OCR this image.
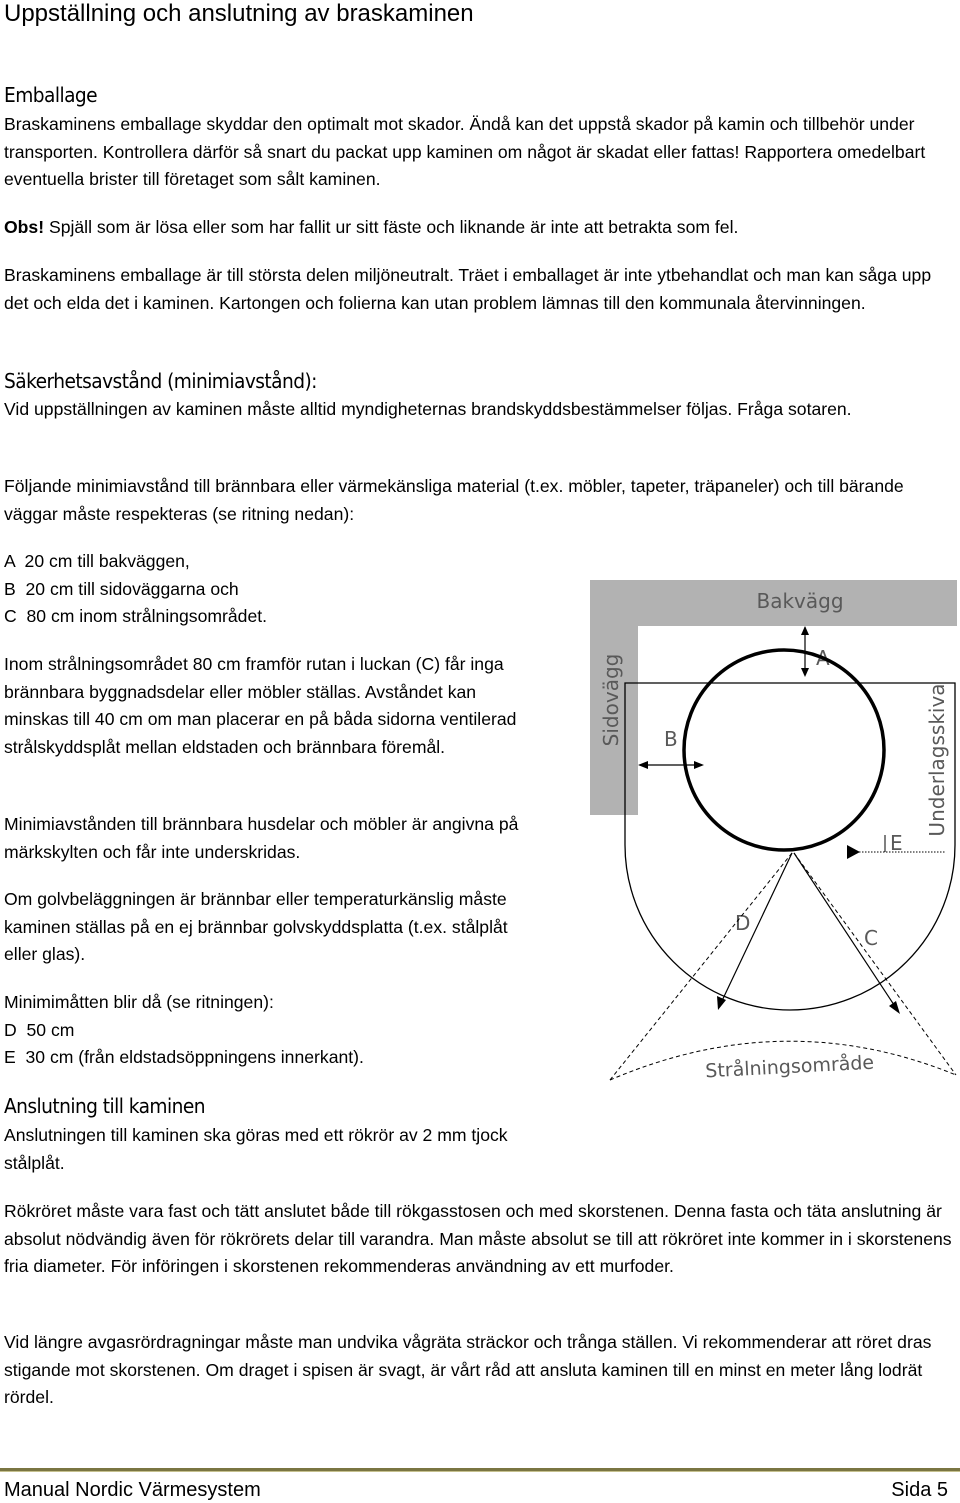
Uppställning och anslutning av braskaminen
Emballage
Braskaminens emballage skyddar den optimalt mot skador. Ändå kan det uppstå skador på kamin och tillbehör under transporten. Kontrollera därför så snart du packat upp kaminen om något är skadat eller fattas! Rapportera omedelbart eventuella brister till företaget som sålt kaminen.
Obs! Spjäll som är lösa eller som har fallit ur sitt fäste och liknande är inte att betrakta som fel.
Braskaminens emballage är till största delen miljöneutralt. Träet i emballaget är inte ytbehandlat och man kan såga upp det och elda det i kaminen. Kartongen och folierna kan utan problem lämnas till den kommunala återvinningen.
Säkerhetsavstånd (minimiavstånd):
Vid uppställningen av kaminen måste alltid myndigheternas brandskyddsbestämmelser följas. Fråga sotaren.
Följande minimiavstånd till brännbara eller värmekänsliga material (t.ex. möbler, tapeter, träpaneler) och till bärande väggar måste respekteras (se ritning nedan):
A  20 cm till bakväggen,
B  20 cm till sidoväggarna och
C  80 cm inom strålningsområdet.
Inom strålningsområdet 80 cm framför rutan i luckan (C) får inga brännbara byggnadsdelar eller möbler ställas. Avståndet kan minskas till 40 cm om man placerar en på båda sidorna ventilerad strålskyddsplåt mellan eldstaden och brännbara föremål.
Minimiavstånden till brännbara husdelar och möbler är angivna på märkskylten och får inte underskridas.
Om golvbeläggningen är brännbar eller temperaturkänslig måste kaminen ställas på en ej brännbar golvskyddsplatta (t.ex. stålplåt eller glas).
Minimimåtten blir då (se ritningen):
D  50 cm
E  30 cm (från eldstadsöppningens innerkant).
Anslutning till kaminen
Anslutningen till kaminen ska göras med ett rökrör av 2 mm tjock stålplåt.
Rökröret måste vara fast och tätt anslutet både till rökgasstosen och med skorstenen. Denna fasta och täta anslutning är absolut nödvändig även för rökrörets delar till varandra. Man måste absolut se till att rökröret inte kommer in i skorstenens fria diameter. För införingen i skorstenen rekommenderas användning av ett murfoder.
Vid längre avgasrördragningar måste man undvika vågräta sträckor och trånga ställen. Vi rekommenderar att röret dras stigande mot skorstenen. Om draget i spisen är svagt, är vårt råd att ansluta kaminen till en minst en meter lång lodrät rördel.
Bakvägg
Sidovägg	A
B	Underlagsskiva
E
D
C
Strålningsområde
Manual Nordic Värmesystem	Sida 5
